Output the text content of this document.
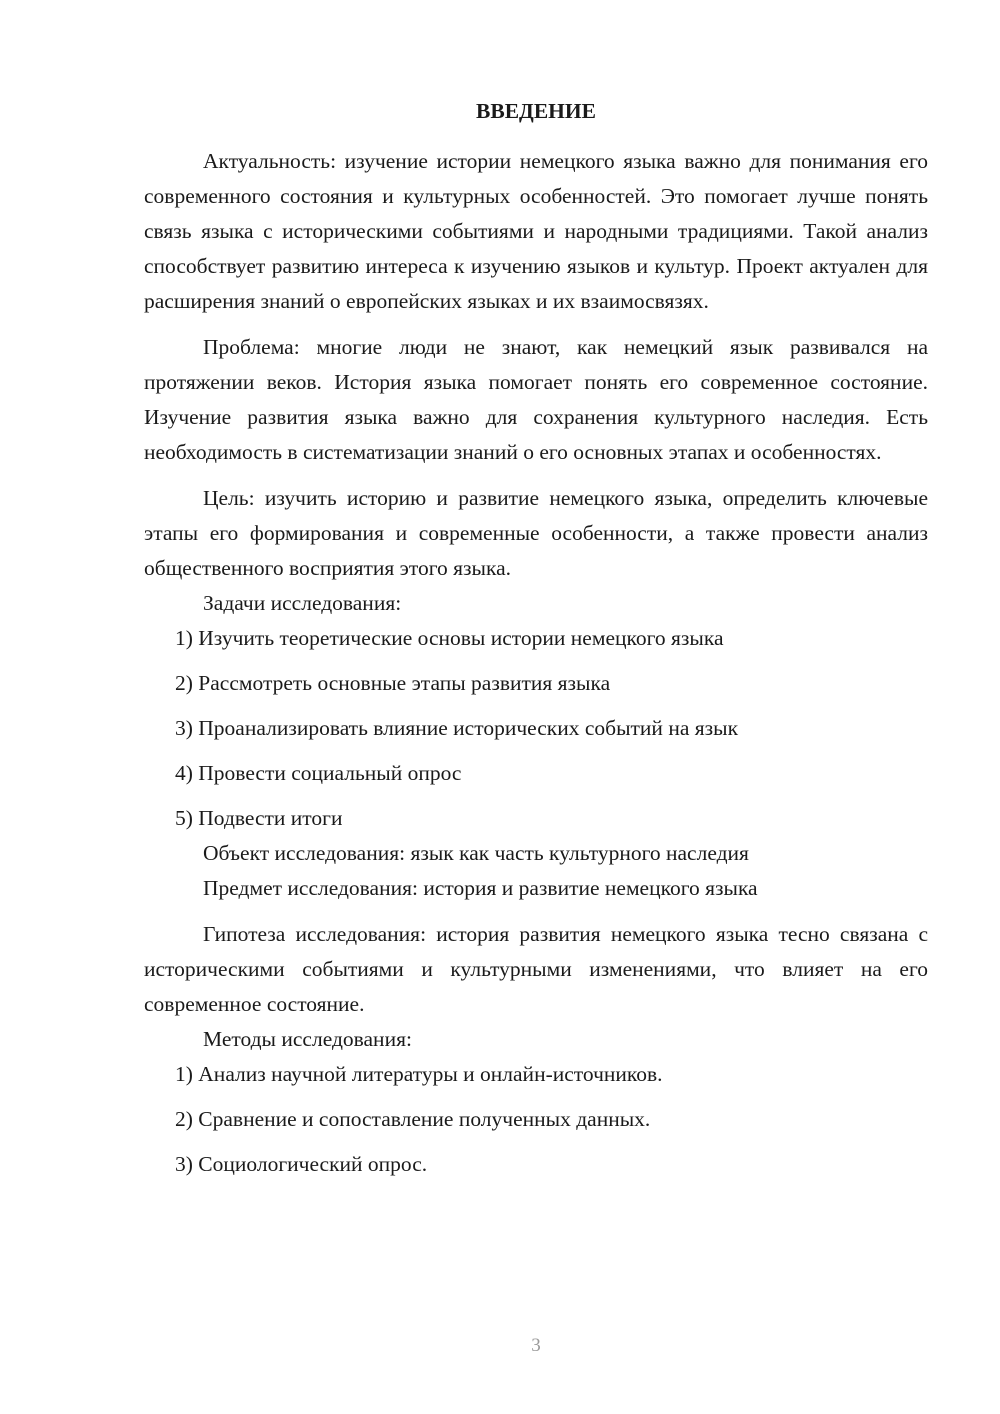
ВВЕДЕНИЕ

Актуальность: изучение истории немецкого языка важно для понимания его современного состояния и культурных особенностей. Это помогает лучше понять связь языка с историческими событиями и народными традициями. Такой анализ способствует развитию интереса к изучению языков и культур. Проект актуален для расширения знаний о европейских языках и их взаимосвязях.

Проблема: многие люди не знают, как немецкий язык развивался на протяжении веков. История языка помогает понять его современное состояние. Изучение развития языка важно для сохранения культурного наследия. Есть необходимость в систематизации знаний о его основных этапах и особенностях.

Цель: изучить историю и развитие немецкого языка, определить ключевые этапы его формирования и современные особенности, а также провести анализ общественного восприятия этого языка.

Задачи исследования:

1) Изучить теоретические основы истории немецкого языка
2) Рассмотреть основные этапы развития языка
3) Проанализировать влияние исторических событий на язык
4) Провести социальный опрос
5) Подвести итоги

Объект исследования: язык как часть культурного наследия

Предмет исследования: история и развитие немецкого языка

Гипотеза исследования: история развития немецкого языка тесно связана с историческими событиями и культурными изменениями, что влияет на его современное состояние.

Методы исследования:

1) Анализ научной литературы и онлайн-источников.
2) Сравнение и сопоставление полученных данных.
3) Социологический опрос.
3
